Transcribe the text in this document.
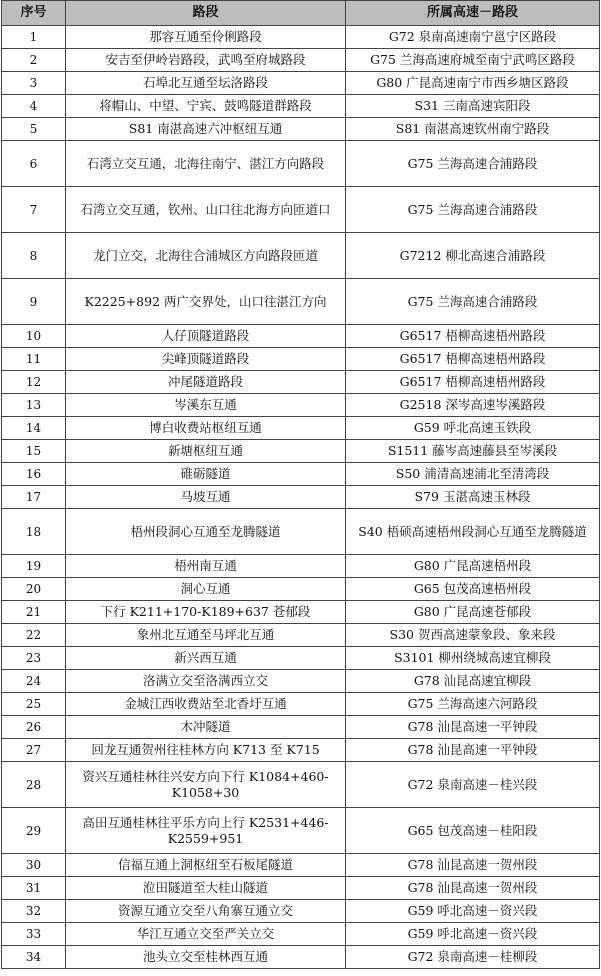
序号	路段	所属高速－路段
1	那容互通至伶俐路段	G72 泉南高速南宁邕宁区路段
2	安吉至伊岭岩路段，武鸣至府城路段	G75 兰海高速府城至南宁武鸣区路段
3	石埠北互通至坛洛路段	G80 广昆高速南宁市西乡塘区路段
4	将帽山、中望、宁宾、鼓鸣隧道群路段	S31 三南高速宾阳段
5	S81 南湛高速六冲枢纽互通	S81 南湛高速钦州南宁路段
6	石湾立交互通，北海往南宁、湛江方向路段	G75 兰海高速合浦路段
7	石湾立交互通，钦州、山口往北海方向匝道口	G75 兰海高速合浦路段
8	龙门立交，北海往合浦城区方向路段匝道	G7212 柳北高速合浦路段
9	K2225+892 两广交界处，山口往湛江方向	G75 兰海高速合浦路段
10	人仔顶隧道路段	G6517 梧柳高速梧州路段
11	尖峰顶隧道路段	G6517 梧柳高速梧州路段
12	冲尾隧道路段	G6517 梧柳高速梧州路段
13	岑溪东互通	G2518 深岑高速岑溪路段
14	博白收费站枢纽互通	G59 呼北高速玉铁段
15	新塘枢纽互通	S1511 藤岑高速藤县至岑溪段
16	碓砺隧道	S50 浦清高速浦北至清湾段
17	马坡互通	S79 玉湛高速玉林段
18	梧州段洞心互通至龙腾隧道	S40 梧硕高速梧州段洞心互通至龙腾隧道
19	梧州南互通	G80 广昆高速梧州段
20	洞心互通	G65 包茂高速梧州段
21	下行 K211+170-K189+637 苍郁段	G80 广昆高速苍郁段
22	象州北互通至马坪北互通	S30 贺西高速蒙象段、象来段
23	新兴西互通	S3101 柳州绕城高速宜柳段
24	洛满立交至洛满西立交	G78 汕昆高速宜柳段
25	金城江西收费站至北香圩互通	G75 兰海高速六河路段
26	木冲隧道	G78 汕昆高速一平钟段
27	回龙互通贺州往桂林方向 K713 至 K715	G78 汕昆高速一平钟段
28	资兴互通桂林往兴安方向下行 K1084+460-K1058+30	G72 泉南高速－桂兴段
29	高田互通桂林往平乐方向上行 K2531+446-K2559+951	G65 包茂高速－桂阳段
30	信福互通上洞枢纽至石板尾隧道	G78 汕昆高速一贺州段
31	涖田隧道至大桂山隧道	G78 汕昆高速一贺州段
32	资源互通立交至八角寨互通立交	G59 呼北高速－资兴段
33	华江互通立交至严关立交	G59 呼北高速－资兴段
34	池头立交至桂林西互通	G72 泉南高速－桂柳段
